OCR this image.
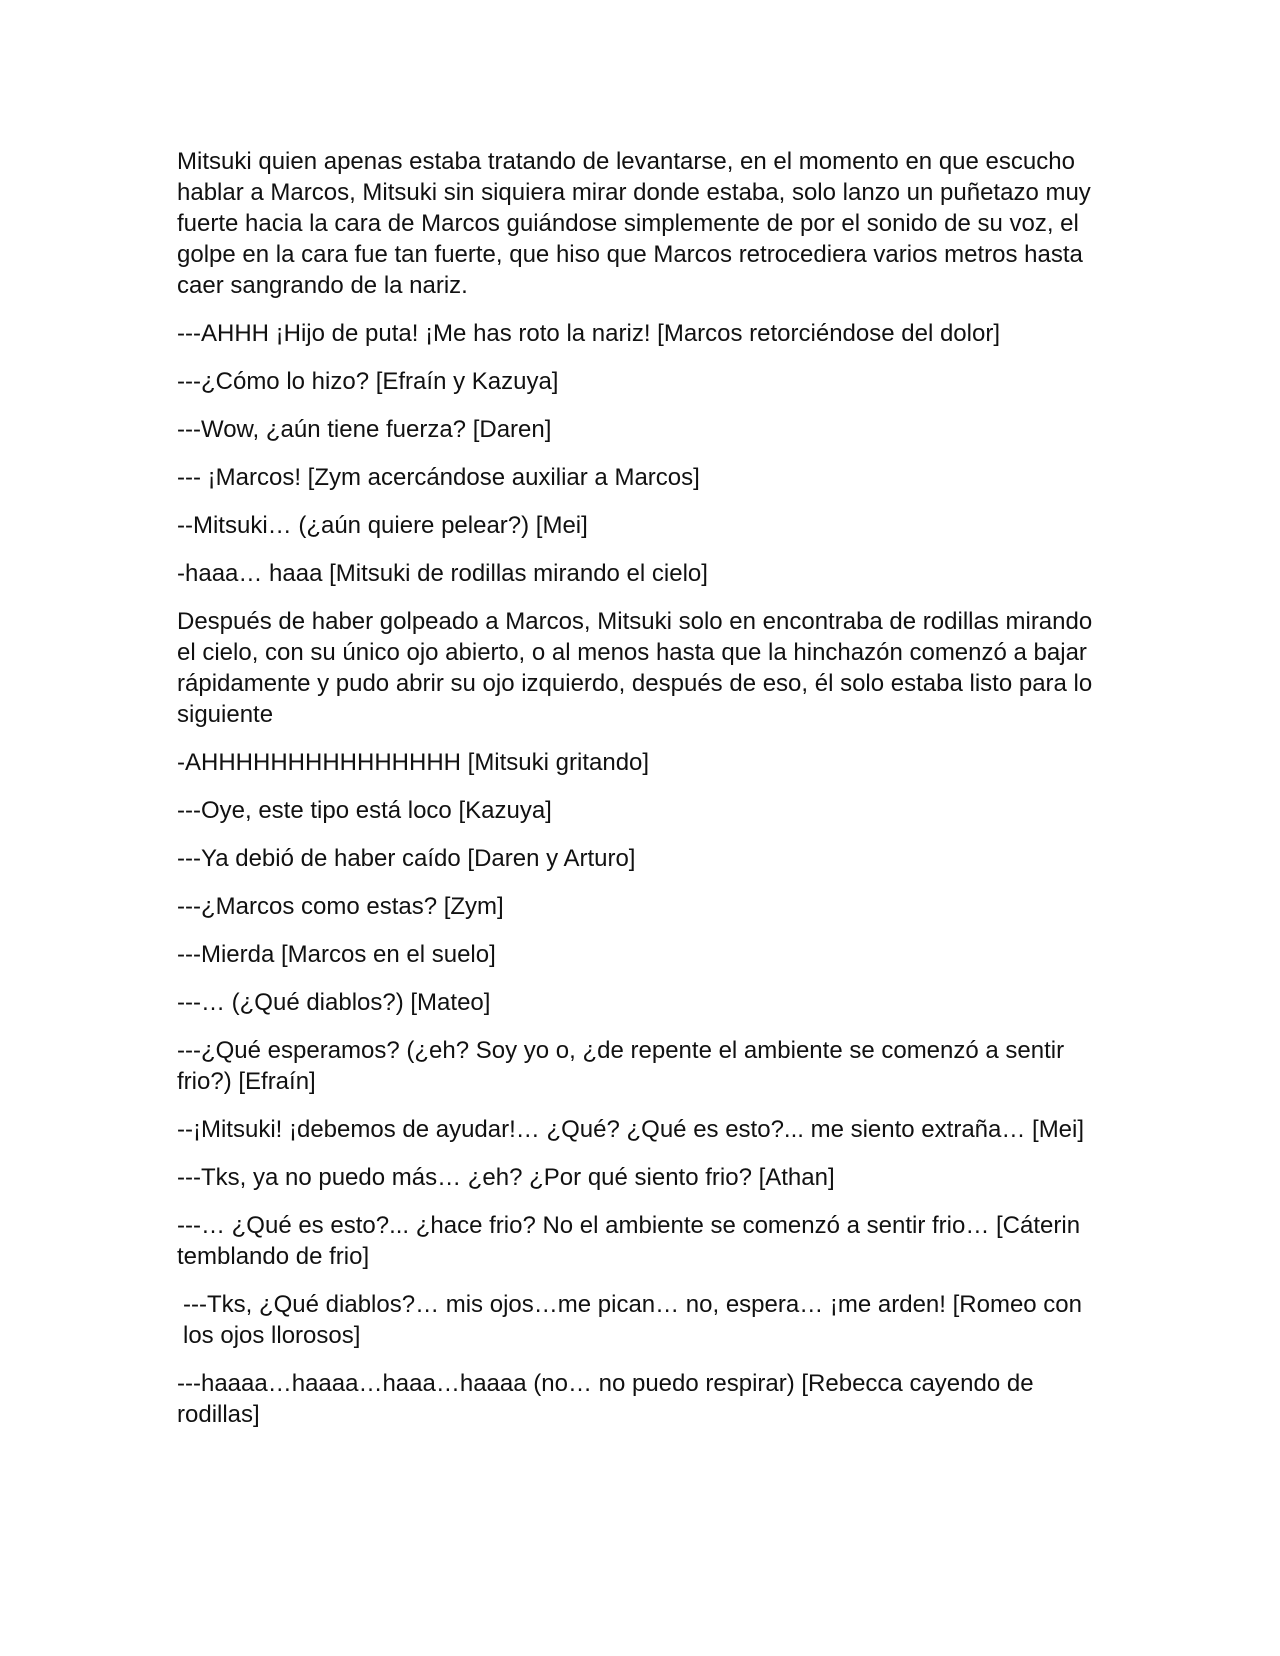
Mitsuki quien apenas estaba tratando de levantarse, en el momento en que escucho hablar a Marcos, Mitsuki sin siquiera mirar donde estaba, solo lanzo un puñetazo muy fuerte hacia la cara de Marcos guiándose simplemente de por el sonido de su voz, el golpe en la cara fue tan fuerte, que hiso que Marcos retrocediera varios metros hasta caer sangrando de la nariz.

---AHHH ¡Hijo de puta! ¡Me has roto la nariz! [Marcos retorciéndose del dolor]

---¿Cómo lo hizo? [Efraín y Kazuya]

---Wow, ¿aún tiene fuerza? [Daren]

--- ¡Marcos! [Zym acercándose auxiliar a Marcos]

--Mitsuki… (¿aún quiere pelear?) [Mei]

-haaa… haaa [Mitsuki de rodillas mirando el cielo]

Después de haber golpeado a Marcos, Mitsuki solo en encontraba de rodillas mirando el cielo, con su único ojo abierto, o al menos hasta que la hinchazón comenzó a bajar rápidamente y pudo abrir su ojo izquierdo, después de eso, él solo estaba listo para lo siguiente

-AHHHHHHHHHHHHHHH [Mitsuki gritando]

---Oye, este tipo está loco [Kazuya]

---Ya debió de haber caído [Daren y Arturo]

---¿Marcos como estas? [Zym]

---Mierda [Marcos en el suelo]

---… (¿Qué diablos?) [Mateo]

---¿Qué esperamos? (¿eh? Soy yo o, ¿de repente el ambiente se comenzó a sentir frio?) [Efraín]

--¡Mitsuki! ¡debemos de ayudar!… ¿Qué? ¿Qué es esto?... me siento extraña… [Mei]

---Tks, ya no puedo más… ¿eh? ¿Por qué siento frio? [Athan]

---… ¿Qué es esto?... ¿hace frio? No el ambiente se comenzó a sentir frio… [Cáterin temblando de frio]

---Tks, ¿Qué diablos?… mis ojos…me pican… no, espera… ¡me arden! [Romeo con los ojos llorosos]

---haaaa…haaaa…haaa…haaaa (no… no puedo respirar) [Rebecca cayendo de rodillas]
